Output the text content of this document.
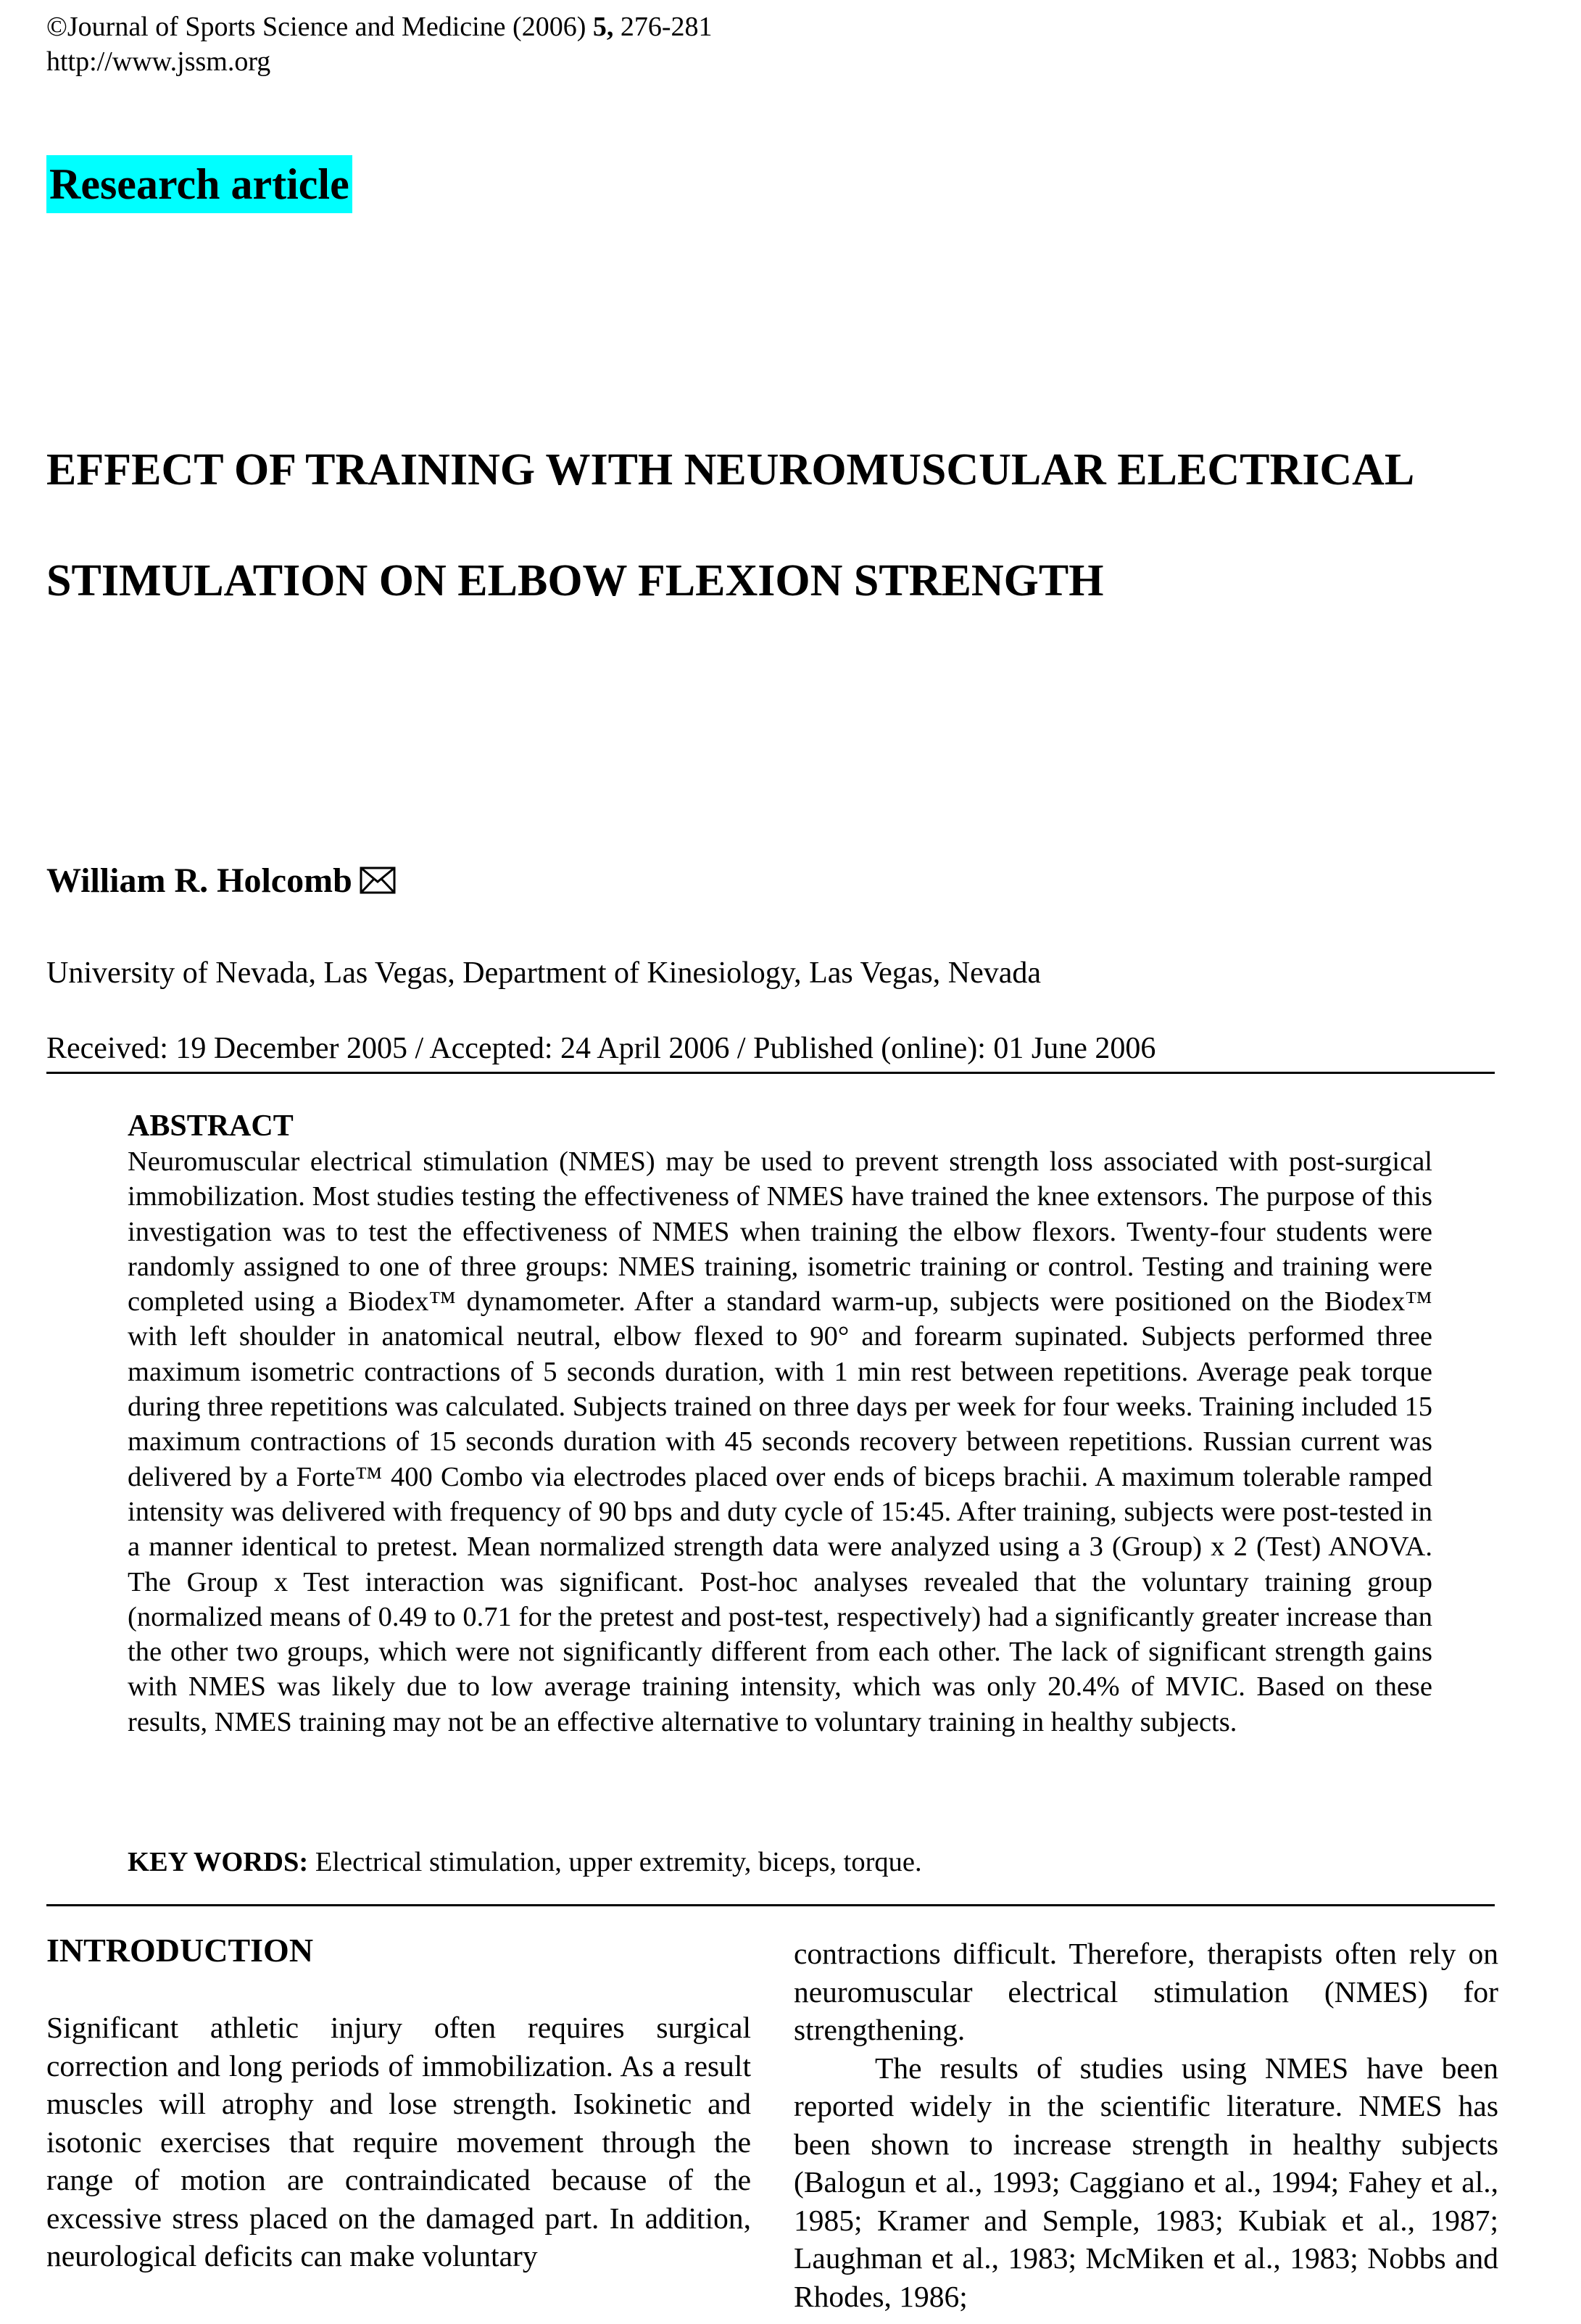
©Journal of Sports Science and Medicine (2006) 5, 276-281
http://www.jssm.org
Research article
EFFECT OF TRAINING WITH NEUROMUSCULAR ELECTRICAL STIMULATION ON ELBOW FLEXION STRENGTH
William R. Holcomb
University of Nevada, Las Vegas, Department of Kinesiology, Las Vegas, Nevada
Received: 19 December 2005 / Accepted: 24 April 2006 / Published (online): 01 June 2006
ABSTRACT

Neuromuscular electrical stimulation (NMES) may be used to prevent strength loss associated with post-surgical immobilization. Most studies testing the effectiveness of NMES have trained the knee extensors. The purpose of this investigation was to test the effectiveness of NMES when training the elbow flexors. Twenty-four students were randomly assigned to one of three groups: NMES training, isometric training or control. Testing and training were completed using a Biodex™ dynamometer. After a standard warm-up, subjects were positioned on the Biodex™ with left shoulder in anatomical neutral, elbow flexed to 90° and forearm supinated. Subjects performed three maximum isometric contractions of 5 seconds duration, with 1 min rest between repetitions. Average peak torque during three repetitions was calculated. Subjects trained on three days per week for four weeks. Training included 15 maximum contractions of 15 seconds duration with 45 seconds recovery between repetitions. Russian current was delivered by a Forte™ 400 Combo via electrodes placed over ends of biceps brachii. A maximum tolerable ramped intensity was delivered with frequency of 90 bps and duty cycle of 15:45. After training, subjects were post-tested in a manner identical to pretest. Mean normalized strength data were analyzed using a 3 (Group) x 2 (Test) ANOVA. The Group x Test interaction was significant. Post-hoc analyses revealed that the voluntary training group (normalized means of 0.49 to 0.71 for the pretest and post-test, respectively) had a significantly greater increase than the other two groups, which were not significantly different from each other. The lack of significant strength gains with NMES was likely due to low average training intensity, which was only 20.4% of MVIC. Based on these results, NMES training may not be an effective alternative to voluntary training in healthy subjects.

KEY WORDS: Electrical stimulation, upper extremity, biceps, torque.
INTRODUCTION

Significant athletic injury often requires surgical correction and long periods of immobilization. As a result muscles will atrophy and lose strength. Isokinetic and isotonic exercises that require movement through the range of motion are contraindicated because of the excessive stress placed on the damaged part. In addition, neurological deficits can make voluntary

contractions difficult. Therefore, therapists often rely on neuromuscular electrical stimulation (NMES) for strengthening.

The results of studies using NMES have been reported widely in the scientific literature. NMES has been shown to increase strength in healthy subjects (Balogun et al., 1993; Caggiano et al., 1994; Fahey et al., 1985; Kramer and Semple, 1983; Kubiak et al., 1987; Laughman et al., 1983; McMiken et al., 1983; Nobbs and Rhodes, 1986;
